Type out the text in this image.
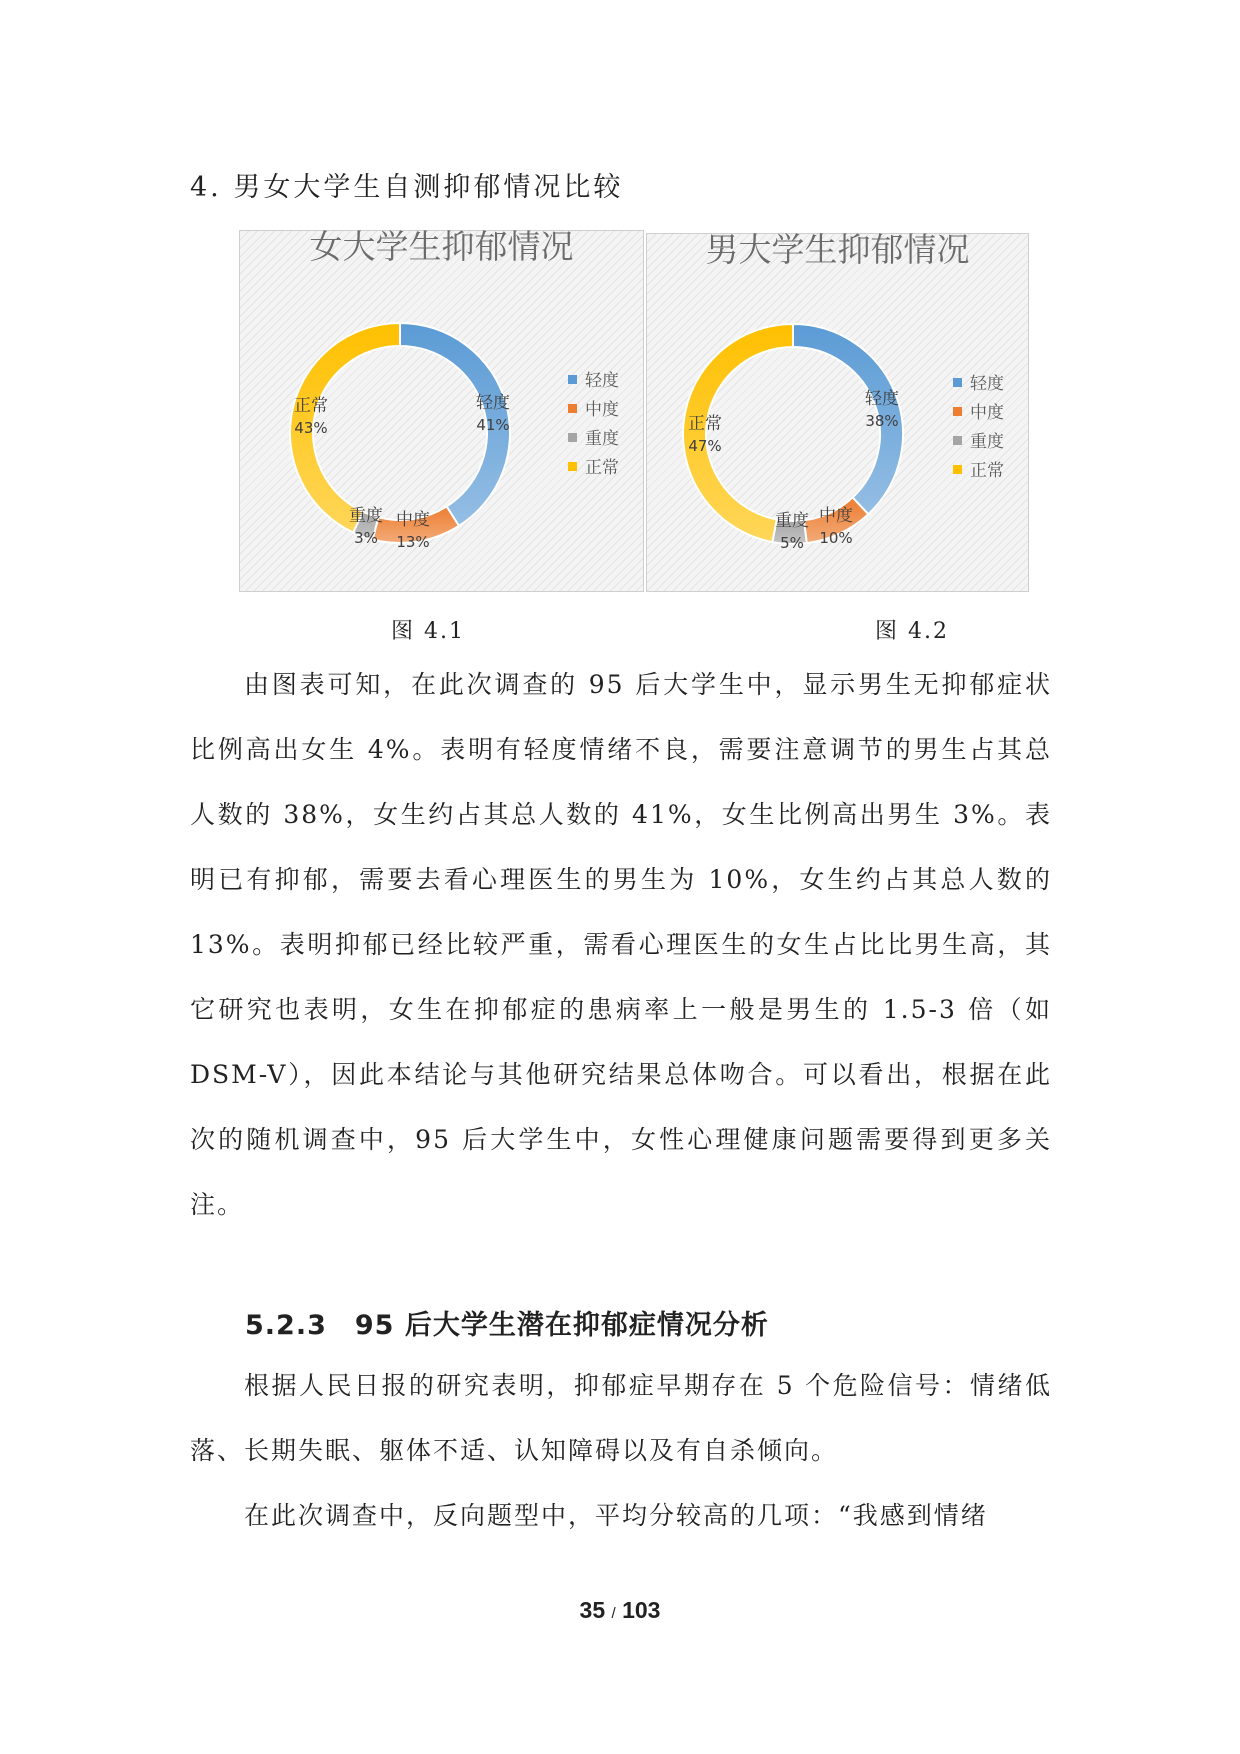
4. 男女大学生自测抑郁情况比较
女大学生抑郁情况
轻度
41%
中度
13%
重度
3%
正常
43%
轻度
中度
重度
正常
男大学生抑郁情况
轻度
38%
中度
10%
重度
5%
正常
47%
轻度
中度
重度
正常
图 4.1	图 4.2

由图表可知，在此次调查的 95 后大学生中，显示男生无抑郁症状比例高出女生 4%。表明有轻度情绪不良，需要注意调节的男生占其总人数的 38%，女生约占其总人数的 41%，女生比例高出男生 3%。表明已有抑郁，需要去看心理医生的男生为 10%，女生约占其总人数的 13%。表明抑郁已经比较严重，需看心理医生的女生占比比男生高，其它研究也表明，女生在抑郁症的患病率上一般是男生的 1.5-3 倍（如 DSM-V），因此本结论与其他研究结果总体吻合。可以看出，根据在此次的随机调查中，95 后大学生中，女性心理健康问题需要得到更多关注。

5.2.3　95 后大学生潜在抑郁症情况分析

根据人民日报的研究表明，抑郁症早期存在 5 个危险信号：情绪低落、长期失眠、躯体不适、认知障碍以及有自杀倾向。

在此次调查中，反向题型中，平均分较高的几项：“我感到情绪

35 / 103
